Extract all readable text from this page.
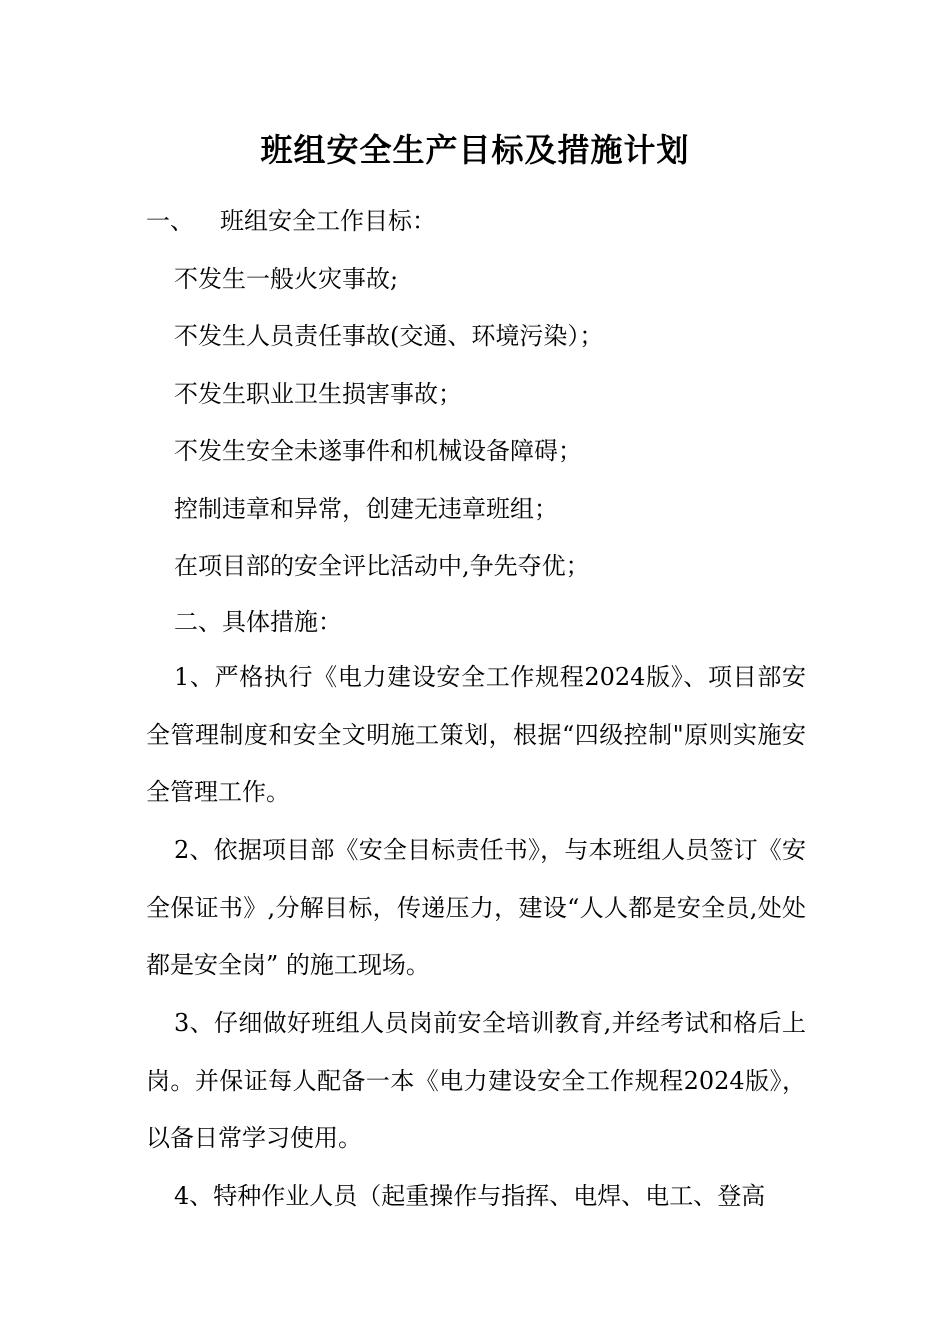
班组安全生产目标及措施计划

一、 班组安全工作目标：

不发生一般火灾事故;

不发生人员责任事故(交通、环境污染）；

不发生职业卫生损害事故；

不发生安全未遂事件和机械设备障碍；

控制违章和异常，创建无违章班组；

在项目部的安全评比活动中,争先夺优；

二、具体措施：

1、严格执行《电力建设安全工作规程2024版》、项目部安全管理制度和安全文明施工策划，根据“四级控制"原则实施安全管理工作。

2、依据项目部《安全目标责任书》，与本班组人员签订《安全保证书》,分解目标，传递压力，建设“人人都是安全员,处处都是安全岗” 的施工现场。

3、仔细做好班组人员岗前安全培训教育,并经考试和格后上岗。并保证每人配备一本《电力建设安全工作规程2024版》，以备日常学习使用。

4、特种作业人员（起重操作与指挥、电焊、电工、登高
